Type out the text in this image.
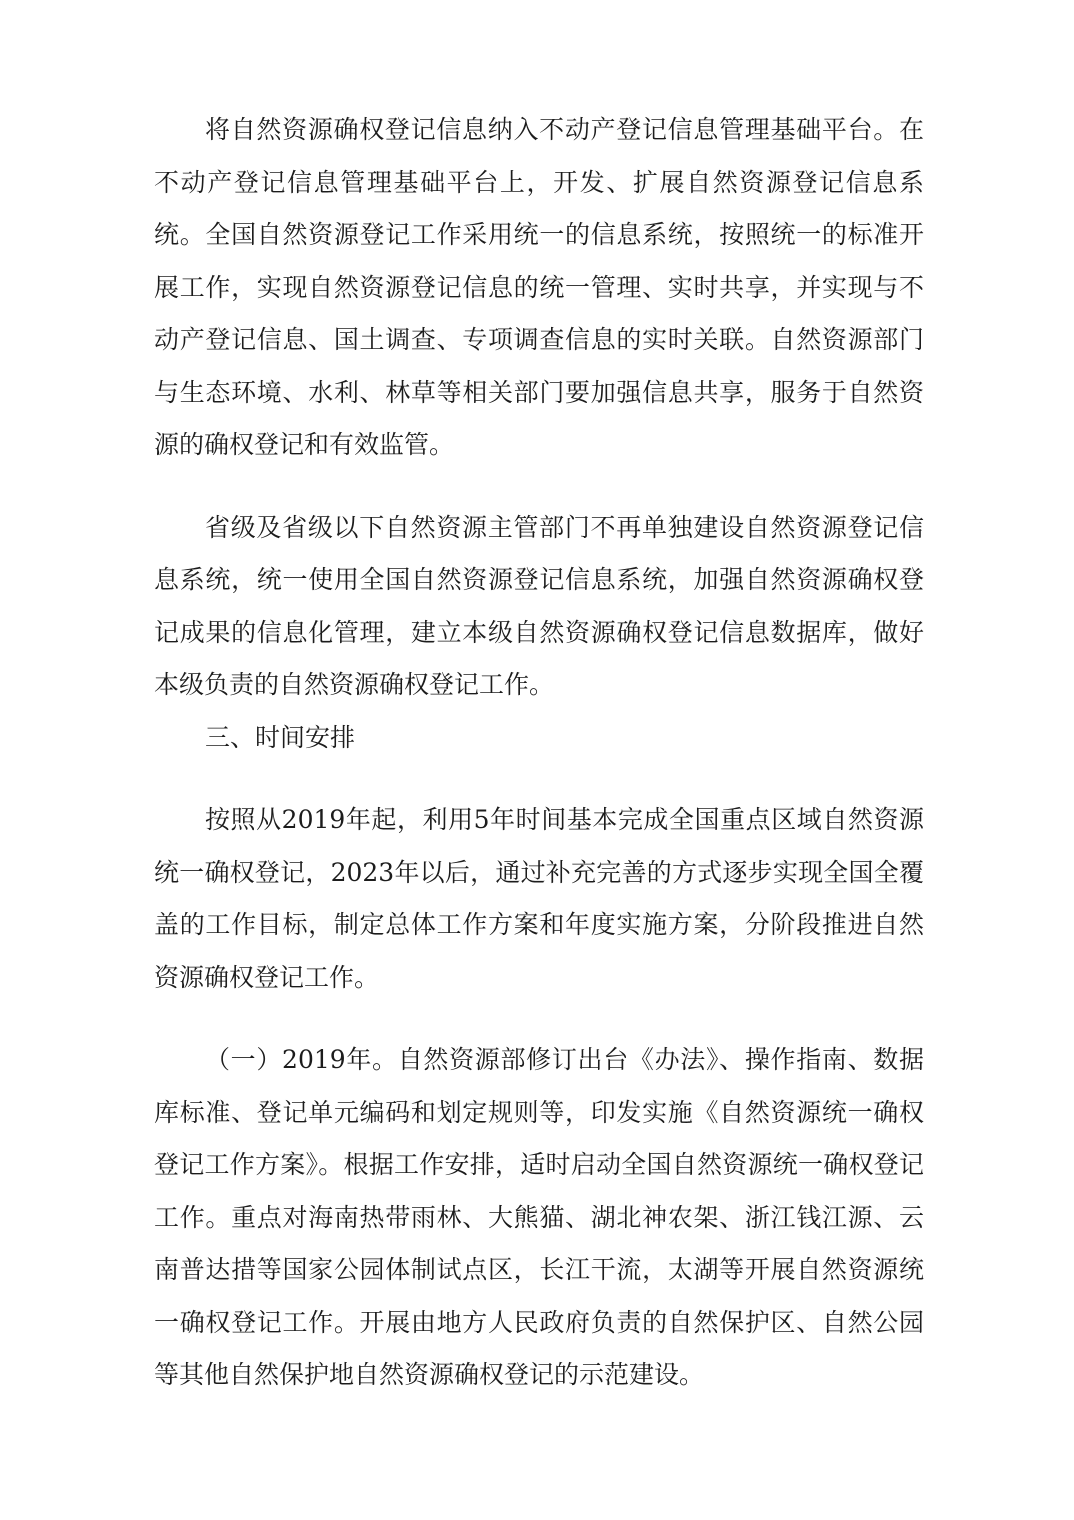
将自然资源确权登记信息纳入不动产登记信息管理基础平台。在不动产登记信息管理基础平台上，开发、扩展自然资源登记信息系统。全国自然资源登记工作采用统一的信息系统，按照统一的标准开展工作，实现自然资源登记信息的统一管理、实时共享，并实现与不动产登记信息、国土调查、专项调查信息的实时关联。自然资源部门与生态环境、水利、林草等相关部门要加强信息共享，服务于自然资源的确权登记和有效监管。

省级及省级以下自然资源主管部门不再单独建设自然资源登记信息系统，统一使用全国自然资源登记信息系统，加强自然资源确权登记成果的信息化管理，建立本级自然资源确权登记信息数据库，做好本级负责的自然资源确权登记工作。

三、时间安排

按照从2019年起，利用5年时间基本完成全国重点区域自然资源统一确权登记，2023年以后，通过补充完善的方式逐步实现全国全覆盖的工作目标，制定总体工作方案和年度实施方案，分阶段推进自然资源确权登记工作。

（一）2019年。自然资源部修订出台《办法》、操作指南、数据库标准、登记单元编码和划定规则等，印发实施《自然资源统一确权登记工作方案》。根据工作安排，适时启动全国自然资源统一确权登记工作。重点对海南热带雨林、大熊猫、湖北神农架、浙江钱江源、云南普达措等国家公园体制试点区，长江干流，太湖等开展自然资源统一确权登记工作。开展由地方人民政府负责的自然保护区、自然公园等其他自然保护地自然资源确权登记的示范建设。
